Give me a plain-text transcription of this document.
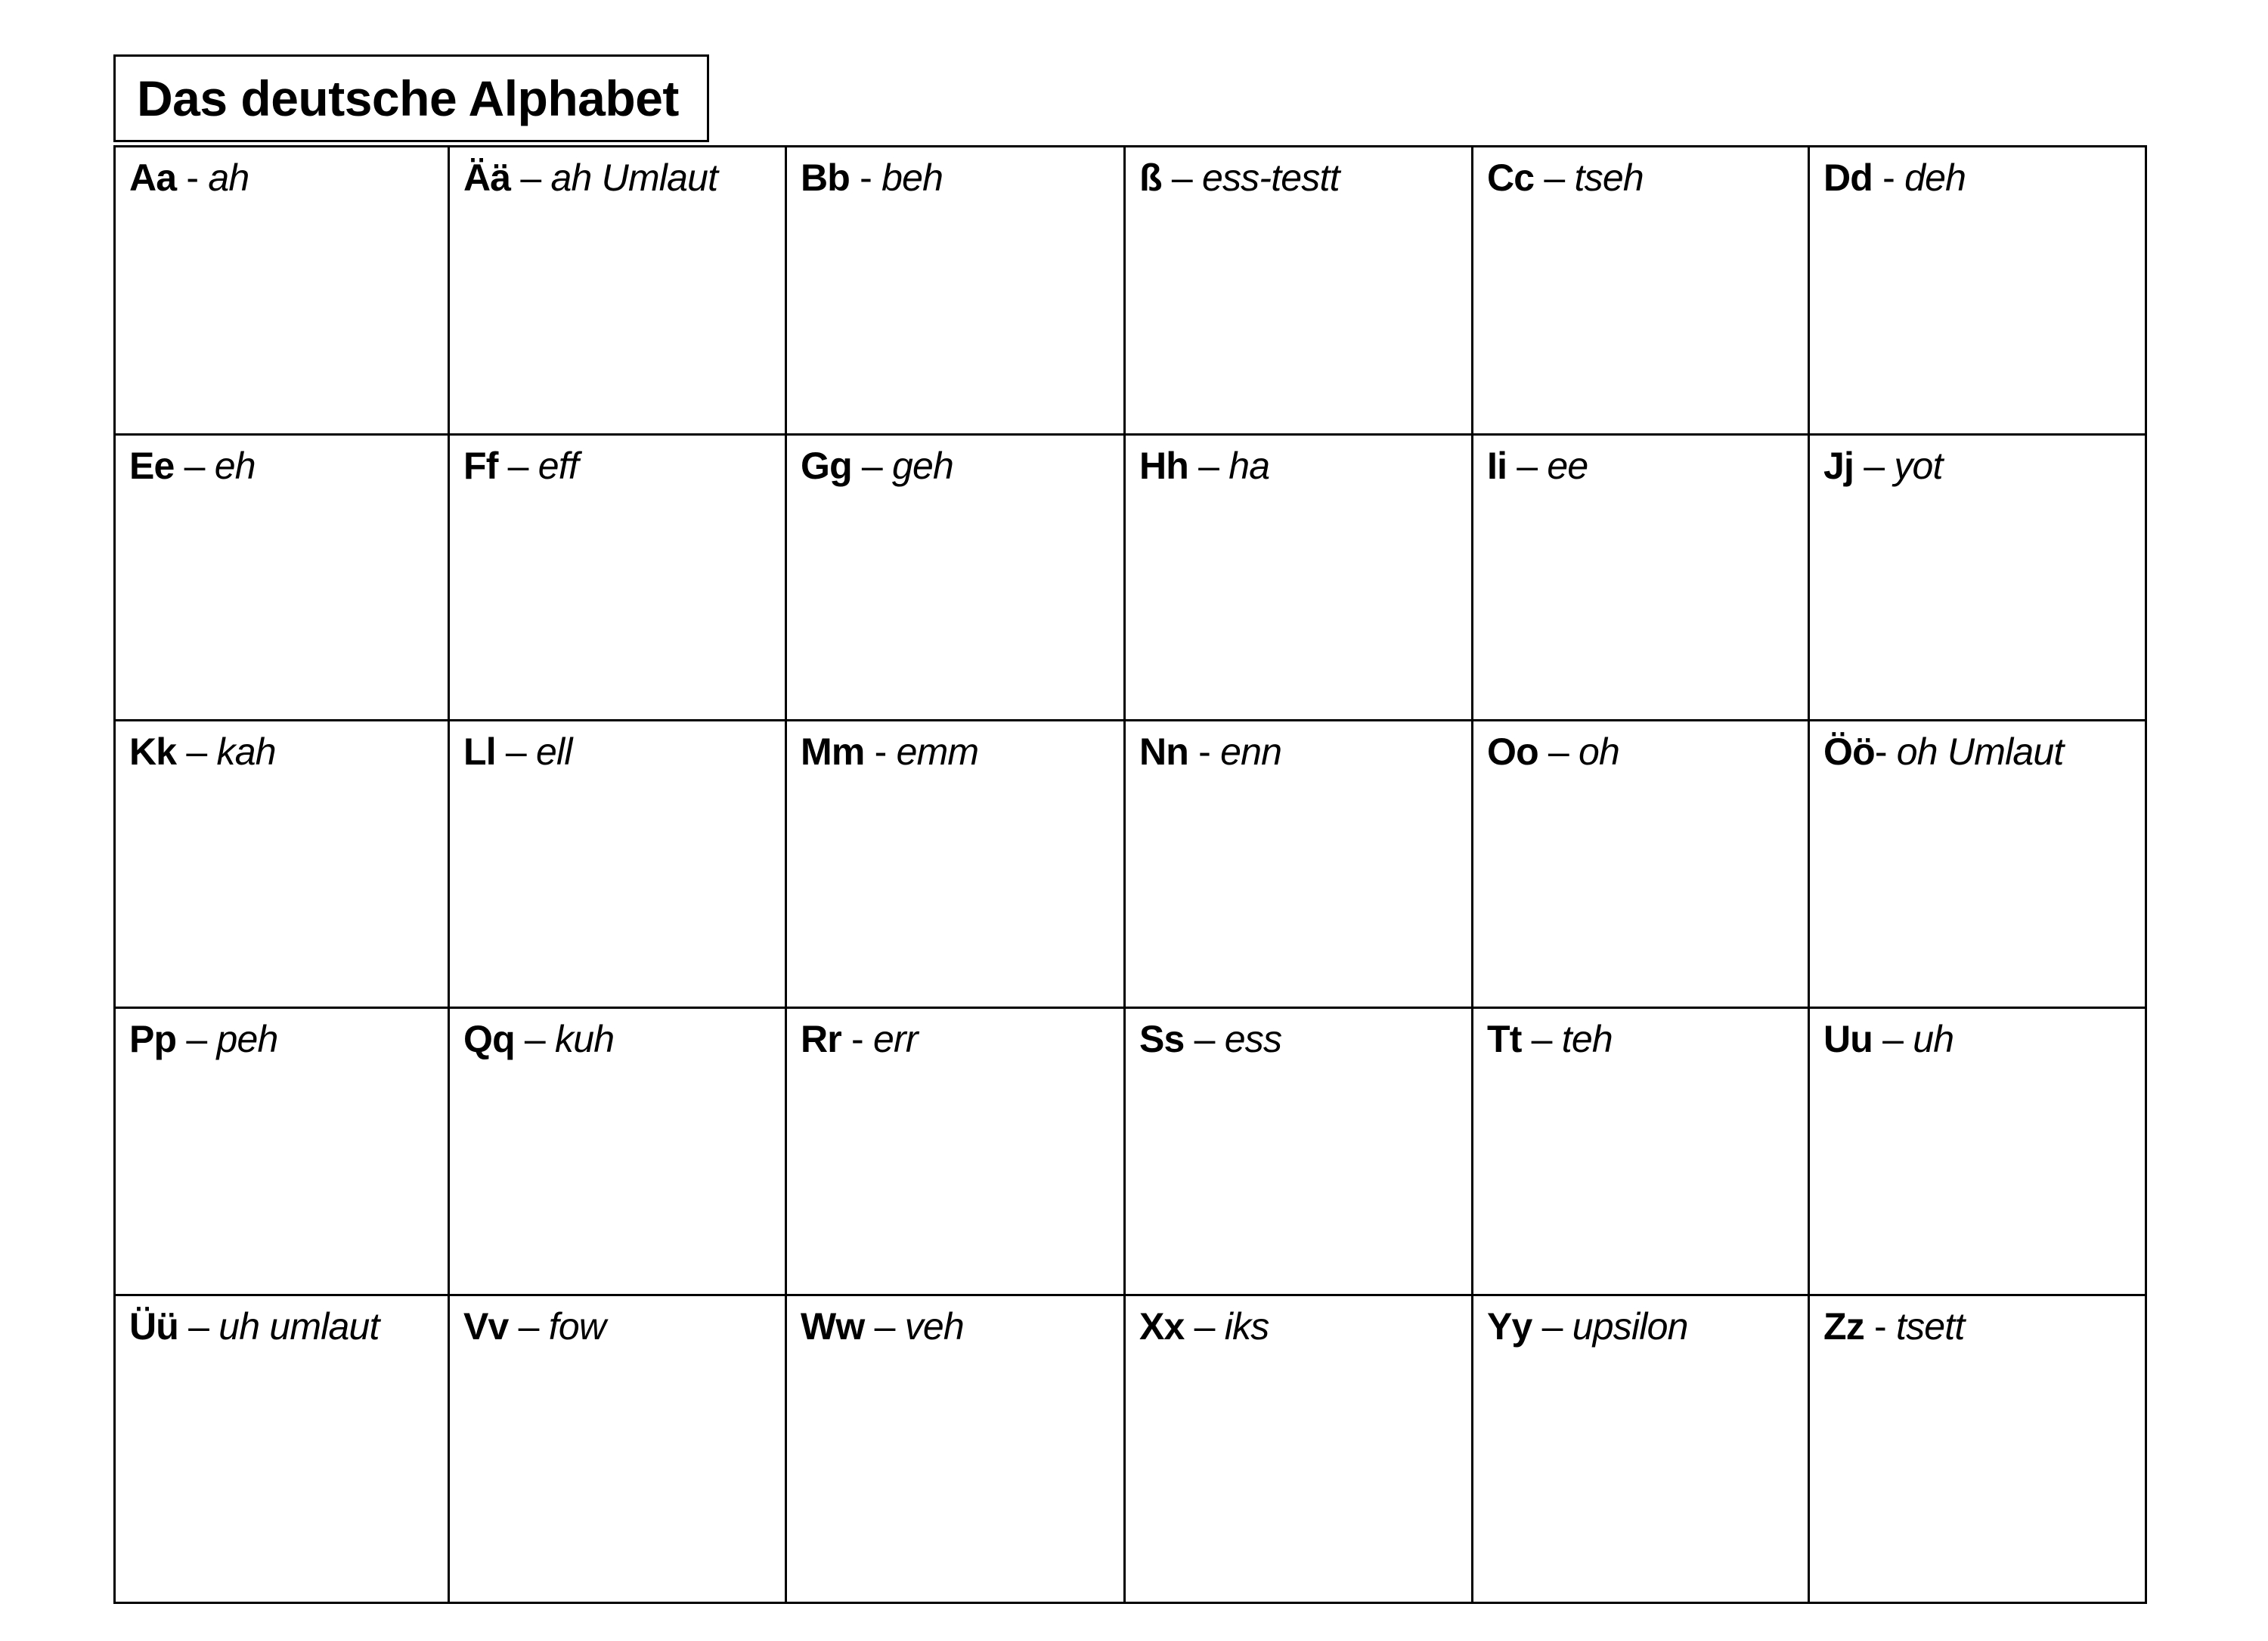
Das deutsche Alphabet
Aa - ah	Ää – ah Umlaut	Bb - beh	ß – ess-testt	Cc – tseh	Dd - deh
Ee – eh	Ff – eff	Gg – geh	Hh – ha	Ii – ee	Jj – yot
Kk – kah	Ll – ell	Mm - emm	Nn - enn	Oo – oh	Öö- oh Umlaut
Pp – peh	Qq – kuh	Rr - err	Ss – ess	Tt – teh	Uu – uh
Üü – uh umlaut	Vv – fow	Ww – veh	Xx – iks	Yy – upsilon	Zz - tsett
